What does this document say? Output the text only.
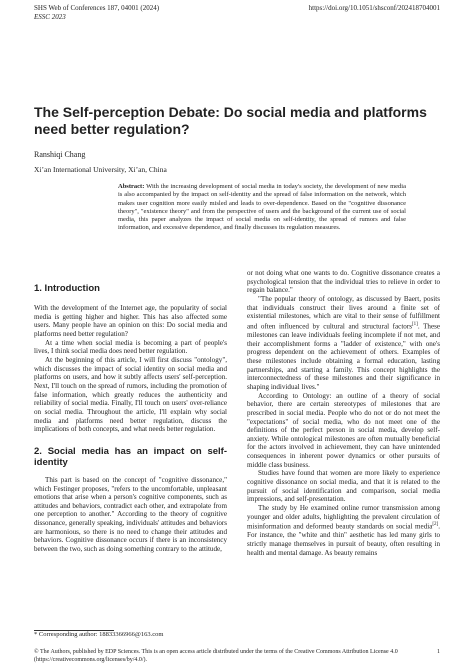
SHS Web of Conferences 187, 04001 (2024)	https://doi.org/10.1051/shsconf/202418704001
ESSC 2023
The Self-perception Debate: Do social media and platforms need better regulation?
Ranshiqi Chang
Xi’an International University, Xi’an, China

Abstract: With the increasing development of social media in today's society, the development of new media is also accompanied by the impact on self-identity and the spread of false information on the network, which makes user cognition more easily misled and leads to over-dependence. Based on the "cognitive dissonance theory", "existence theory" and from the perspective of users and the background of the current use of social media, this paper analyzes the impact of social media on self-identity, the spread of rumors and false information, and excessive dependence, and finally discusses its regulation measures.

1. Introduction

With the development of the Internet age, the popularity of social media is getting higher and higher. This has also affected some users. Many people have an opinion on this: Do social media and platforms need better regulation?

At a time when social media is becoming a part of people's lives, I think social media does need better regulation.

At the beginning of this article, I will first discuss "ontology", which discusses the impact of social identity on social media and platforms on users, and how it subtly affects users' self-perception. Next, I'll touch on the spread of rumors, including the promotion of false information, which greatly reduces the authenticity and reliability of social media. Finally, I'll touch on users' over-reliance on social media. Throughout the article, I'll explain why social media and platforms need better regulation, discuss the implications of both concepts, and what needs better regulation.

2. Social media has an impact on self-identity

This part is based on the concept of "cognitive dissonance," which Festinger proposes, "refers to the uncomfortable, unpleasant emotions that arise when a person's cognitive components, such as attitudes and behaviors, contradict each other, and extrapolate from one perception to another." According to the theory of cognitive dissonance, generally speaking, individuals' attitudes and behaviors are harmonious, so there is no need to change their attitudes and behaviors. Cognitive dissonance occurs if there is an inconsistency between the two, such as doing something contrary to the attitude,

or not doing what one wants to do. Cognitive dissonance creates a psychological tension that the individual tries to relieve in order to regain balance."

"The popular theory of ontology, as discussed by Baert, posits that individuals construct their lives around a finite set of existential milestones, which are vital to their sense of fulfillment and often influenced by cultural and structural factors[1]. These milestones can leave individuals feeling incomplete if not met, and their accomplishment forms a "ladder of existence," with one's progress dependent on the achievement of others. Examples of these milestones include obtaining a formal education, lasting partnerships, and starting a family. This concept highlights the interconnectedness of these milestones and their significance in shaping individual lives."

According to Ontology: an outline of a theory of social behavior, there are certain stereotypes of milestones that are prescribed in social media. People who do not or do not meet the "expectations" of social media, who do not meet one of the definitions of the perfect person in social media, develop self-anxiety. While ontological milestones are often mutually beneficial for the actors involved in achievement, they can have unintended consequences in inherent power dynamics or other pursuits of middle class business.

Studies have found that women are more likely to experience cognitive dissonance on social media, and that it is related to the pursuit of social identification and comparison, social media impressions, and self-presentation.

The study by He examined online rumor transmission among younger and older adults, highlighting the prevalent circulation of misinformation and deformed beauty standards on social media[2]. For instance, the "white and thin" aesthetic has led many girls to strictly manage themselves in pursuit of beauty, often resulting in health and mental damage. As beauty remains

* Corresponding author: 18833366966@163.com
© The Authors, published by EDP Sciences. This is an open access article distributed under the terms of the Creative Commons Attribution License 4.0
(https://creativecommons.org/licenses/by/4.0/).
1
